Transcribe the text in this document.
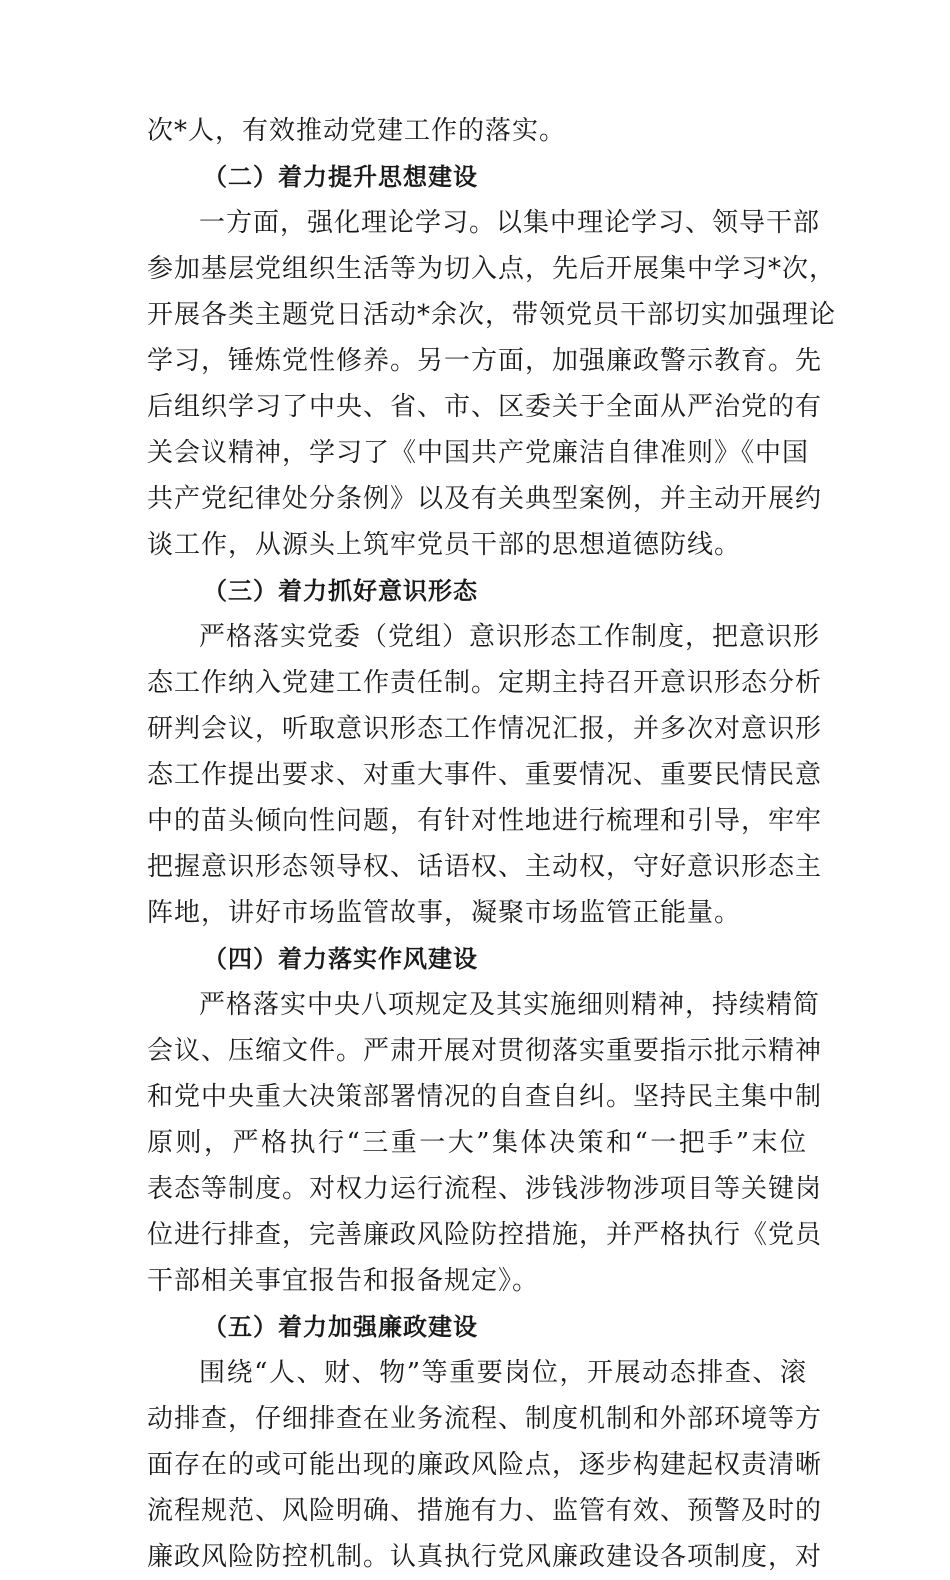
次*人，有效推动党建工作的落实。
（二）着力提升思想建设
一方面，强化理论学习。以集中理论学习、领导干部
参加基层党组织生活等为切入点，先后开展集中学习*次，
开展各类主题党日活动*余次，带领党员干部切实加强理论
学习，锤炼党性修养。另一方面，加强廉政警示教育。先
后组织学习了中央、省、市、区委关于全面从严治党的有
关会议精神，学习了《中国共产党廉洁自律准则》《中国
共产党纪律处分条例》以及有关典型案例，并主动开展约
谈工作，从源头上筑牢党员干部的思想道德防线。
（三）着力抓好意识形态
严格落实党委（党组）意识形态工作制度，把意识形
态工作纳入党建工作责任制。定期主持召开意识形态分析
研判会议，听取意识形态工作情况汇报，并多次对意识形
态工作提出要求、对重大事件、重要情况、重要民情民意
中的苗头倾向性问题，有针对性地进行梳理和引导，牢牢
把握意识形态领导权、话语权、主动权，守好意识形态主
阵地，讲好市场监管故事，凝聚市场监管正能量。
（四）着力落实作风建设
严格落实中央八项规定及其实施细则精神，持续精简
会议、压缩文件。严肃开展对贯彻落实重要指示批示精神
和党中央重大决策部署情况的自查自纠。坚持民主集中制
原则，严格执行“三重一大”集体决策和“一把手”末位
表态等制度。对权力运行流程、涉钱涉物涉项目等关键岗
位进行排查，完善廉政风险防控措施，并严格执行《党员
干部相关事宜报告和报备规定》。
（五）着力加强廉政建设
围绕“人、财、物”等重要岗位，开展动态排查、滚
动排查，仔细排查在业务流程、制度机制和外部环境等方
面存在的或可能出现的廉政风险点，逐步构建起权责清晰
流程规范、风险明确、措施有力、监管有效、预警及时的
廉政风险防控机制。认真执行党风廉政建设各项制度，对
